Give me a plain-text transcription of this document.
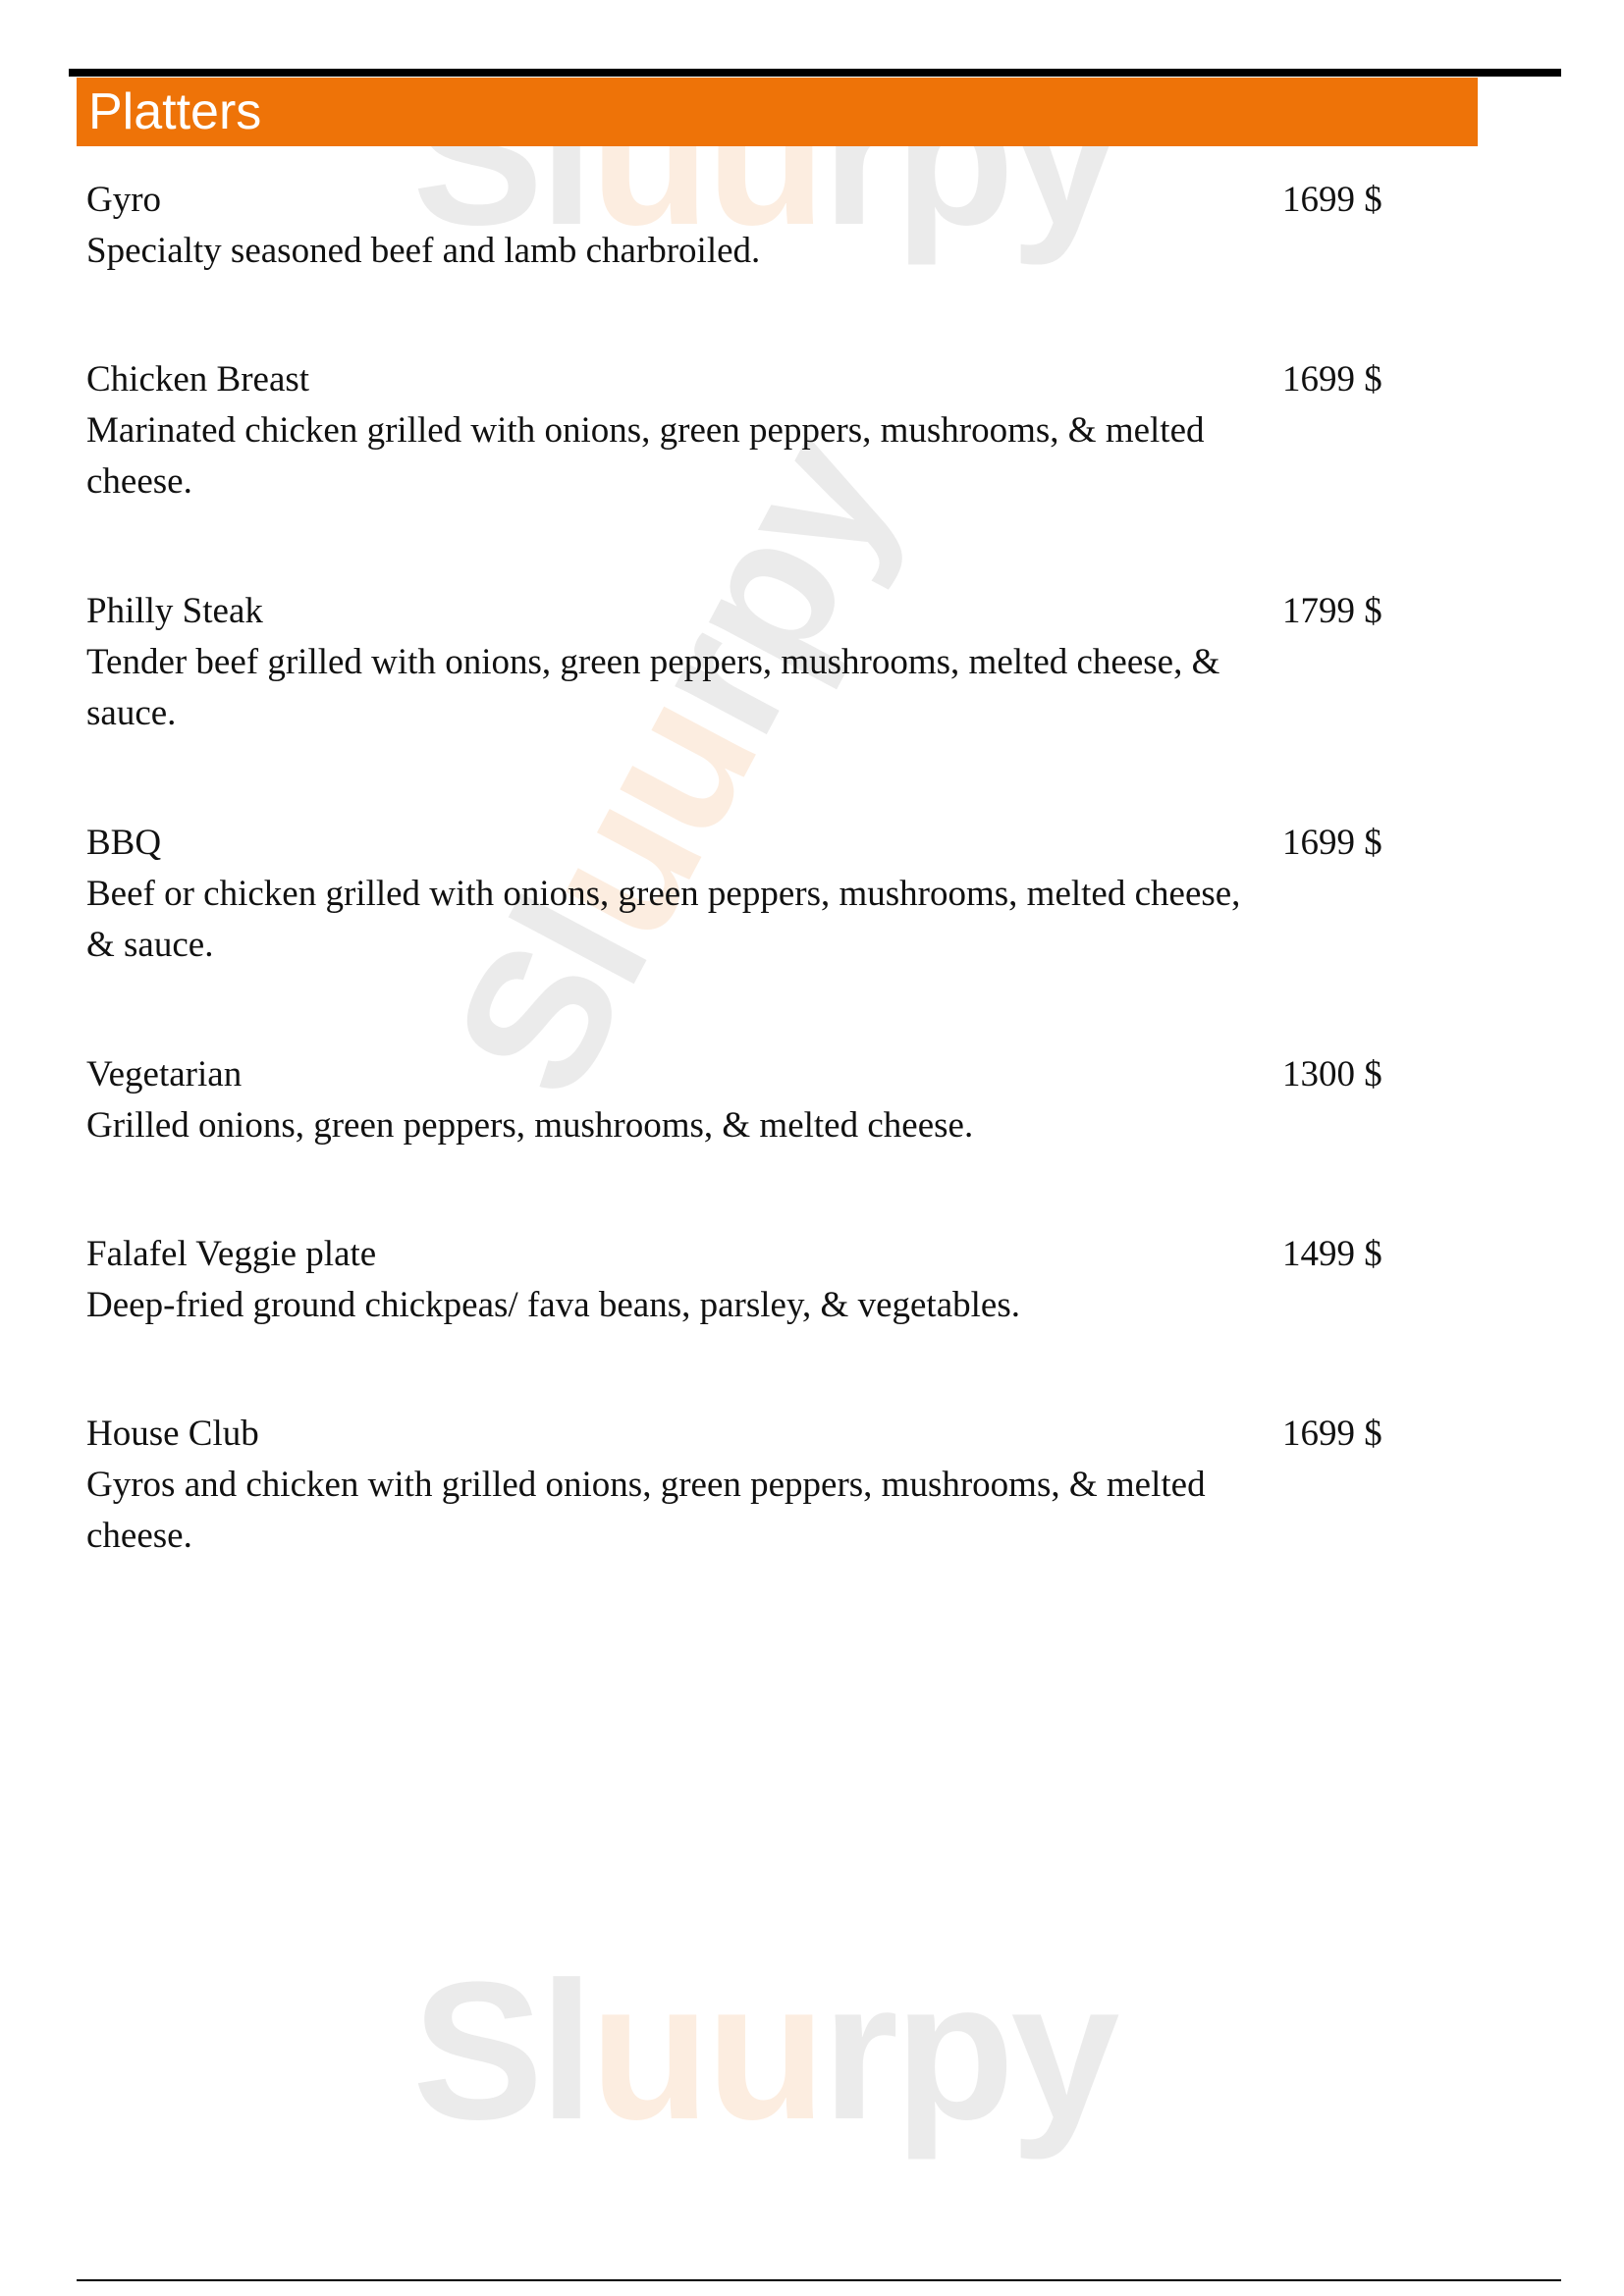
Sluurpy
Sluurpy
Sluurpy
Platters
Gyro
Specialty seasoned beef and lamb charbroiled.
1699 $
Chicken Breast
Marinated chicken grilled with onions, green peppers, mushrooms, & melted cheese.
1699 $
Philly Steak
Tender beef grilled with onions, green peppers, mushrooms, melted cheese, & sauce.
1799 $
BBQ
Beef or chicken grilled with onions, green peppers, mushrooms, melted cheese, & sauce.
1699 $
Vegetarian
Grilled onions, green peppers, mushrooms, & melted cheese.
1300 $
Falafel Veggie plate
Deep-fried ground chickpeas/ fava beans, parsley, & vegetables.
1499 $
House Club
Gyros and chicken with grilled onions, green peppers, mushrooms, & melted cheese.
1699 $
